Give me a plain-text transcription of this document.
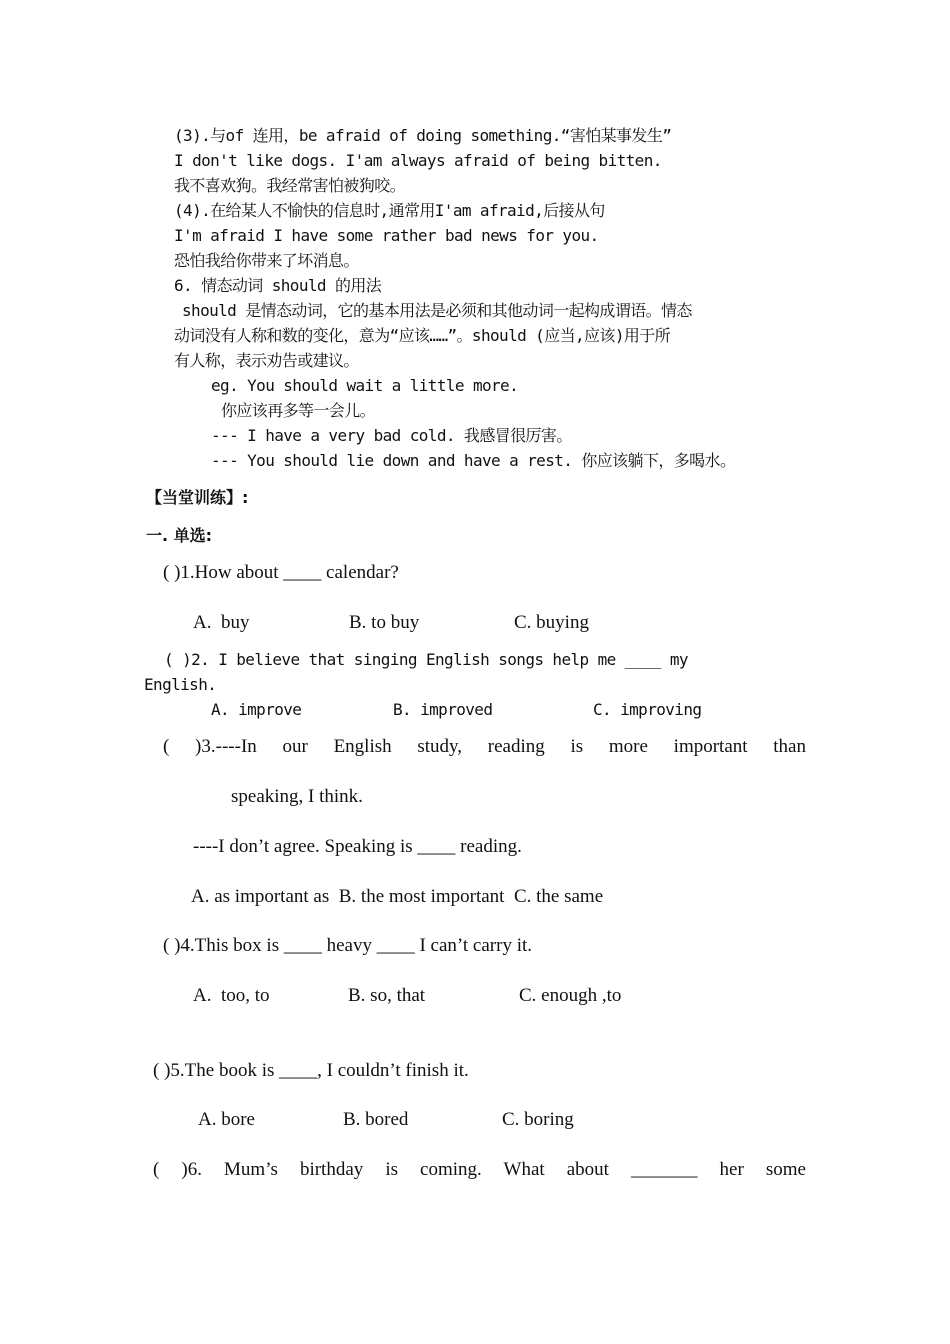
(3).与of 连用，be afraid of doing something.“害怕某事发生”
I don't like dogs. I'am always afraid of being bitten.
我不喜欢狗。我经常害怕被狗咬。
(4).在给某人不愉快的信息时,通常用I'am afraid,后接从句
I'm afraid I have some rather bad news for you.
恐怕我给你带来了坏消息。
6. 情态动词 should 的用法
should 是情态动词，它的基本用法是必须和其他动词一起构成谓语。情态
动词没有人称和数的变化，意为“应该……”。should (应当,应该)用于所
有人称，表示劝告或建议。
eg. You should wait a little more.
你应该再多等一会儿。
--- I have a very bad cold. 我感冒很厉害。
--- You should lie down and have a rest. 你应该躺下，多喝水。
【当堂训练】:
一. 单选:
( )1.How about ____ calendar?
A.  buy	B. to buy	C. buying
( )2. I believe that singing English songs help me ____ my
English.
A. improve	B. improved	C. improving
( )3.----In our English study, reading is more important than
speaking, I think.
----I don’t agree. Speaking is ____ reading.
A. as important as  B. the most important  C. the same
( )4.This box is ____ heavy ____ I can’t carry it.
A.  too, to	B. so, that	C. enough ,to
( )5.The book is ____, I couldn’t finish it.
A. bore	B. bored	C. boring
( )6. Mum’s birthday is coming. What about _______ her some
